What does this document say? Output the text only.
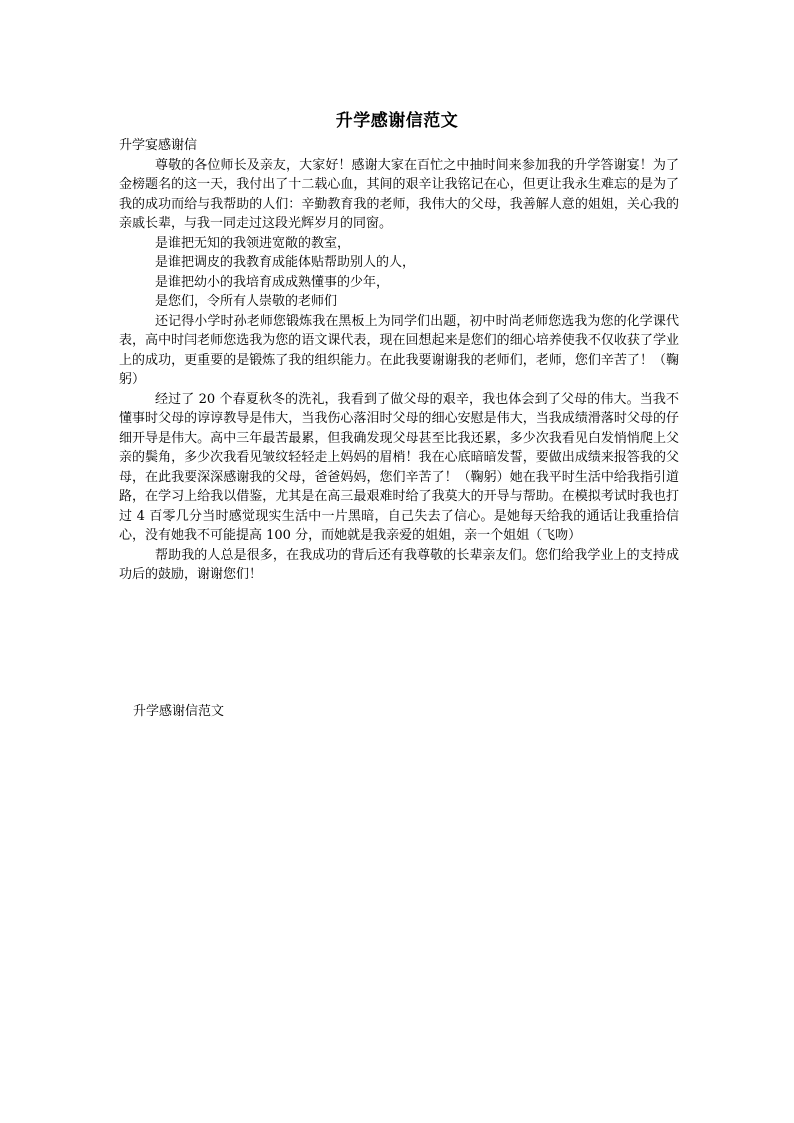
升学感谢信范文

升学宴感谢信

尊敬的各位师长及亲友，大家好！感谢大家在百忙之中抽时间来参加我的升学答谢宴！为了金榜题名的这一天，我付出了十二载心血，其间的艰辛让我铭记在心，但更让我永生难忘的是为了我的成功而给与我帮助的人们：辛勤教育我的老师，我伟大的父母，我善解人意的姐姐，关心我的亲戚长辈，与我一同走过这段光辉岁月的同窗。

是谁把无知的我领进宽敞的教室，

是谁把调皮的我教育成能体贴帮助别人的人，

是谁把幼小的我培育成成熟懂事的少年，

是您们，令所有人崇敬的老师们

还记得小学时孙老师您锻炼我在黑板上为同学们出题，初中时尚老师您选我为您的化学课代表，高中时闫老师您选我为您的语文课代表，现在回想起来是您们的细心培养使我不仅收获了学业上的成功，更重要的是锻炼了我的组织能力。在此我要谢谢我的老师们，老师，您们辛苦了！（鞠躬）

经过了 20 个春夏秋冬的洗礼，我看到了做父母的艰辛，我也体会到了父母的伟大。当我不懂事时父母的谆谆教导是伟大，当我伤心落泪时父母的细心安慰是伟大，当我成绩滑落时父母的仔细开导是伟大。高中三年最苦最累，但我确发现父母甚至比我还累，多少次我看见白发悄悄爬上父亲的鬓角，多少次我看见皱纹轻轻走上妈妈的眉梢！我在心底暗暗发誓，要做出成绩来报答我的父母，在此我要深深感谢我的父母，爸爸妈妈，您们辛苦了！（鞠躬）她在我平时生活中给我指引道路，在学习上给我以借鉴，尤其是在高三最艰难时给了我莫大的开导与帮助。在模拟考试时我也打过 4 百零几分当时感觉现实生活中一片黑暗，自己失去了信心。是她每天给我的通话让我重拾信心，没有她我不可能提高 100 分，而她就是我亲爱的姐姐，亲一个姐姐（飞吻）

帮助我的人总是很多，在我成功的背后还有我尊敬的长辈亲友们。您们给我学业上的支持成功后的鼓励，谢谢您们！

升学感谢信范文
